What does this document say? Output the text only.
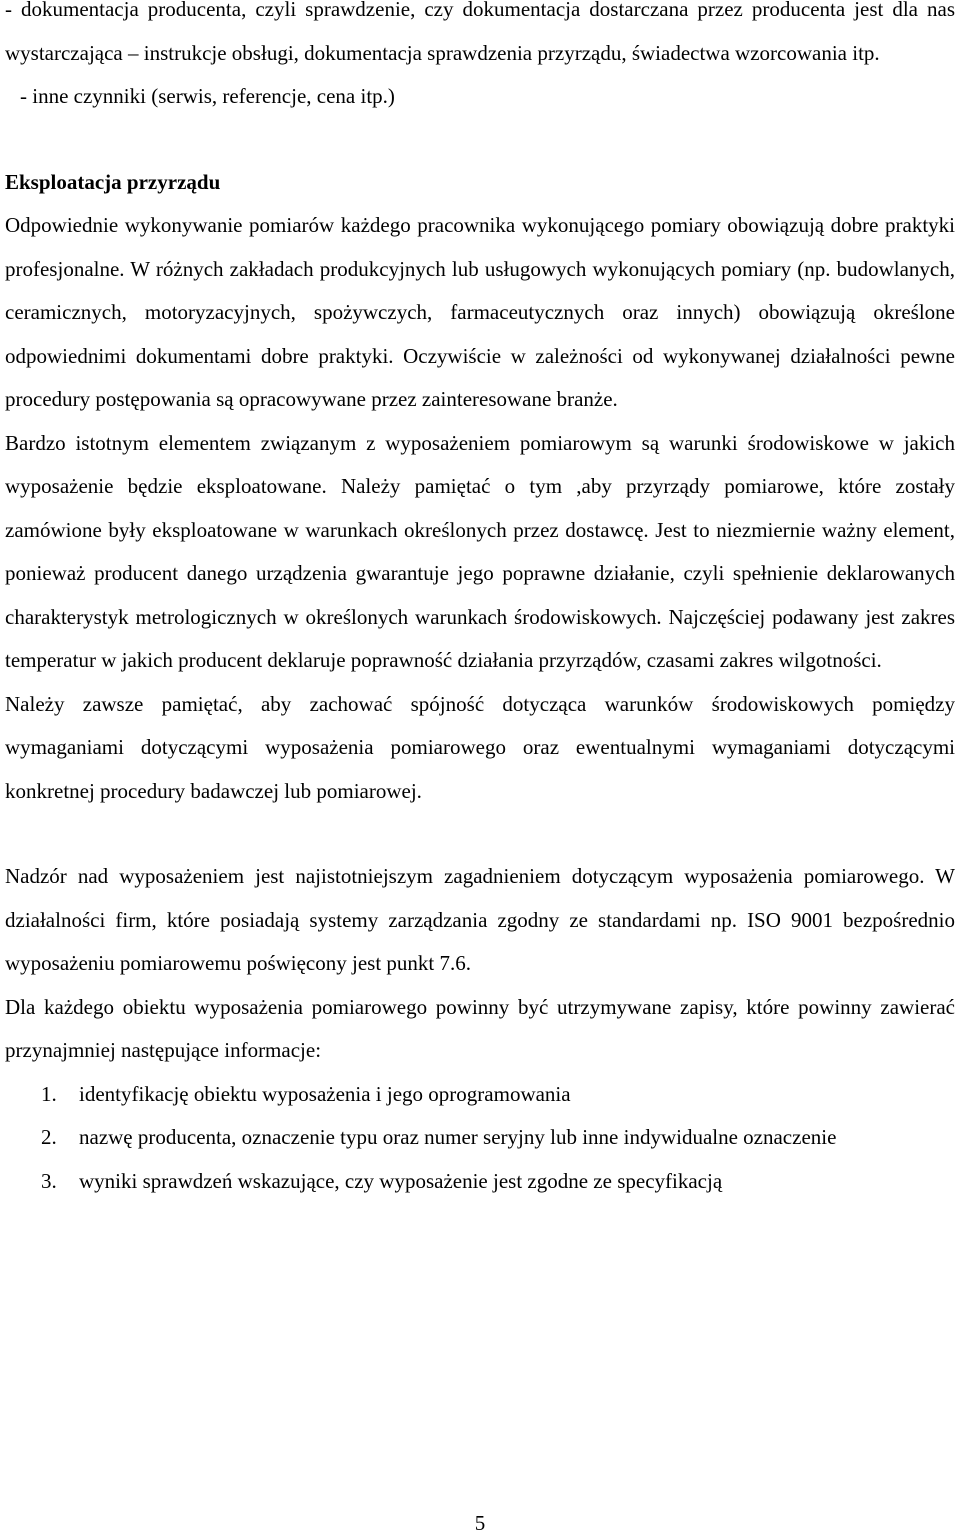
- dokumentacja producenta, czyli sprawdzenie, czy dokumentacja dostarczana przez producenta jest dla nas wystarczająca – instrukcje obsługi, dokumentacja sprawdzenia przyrządu, świadectwa wzorcowania itp.

- inne czynniki (serwis, referencje, cena itp.)

Eksploatacja przyrządu

Odpowiednie wykonywanie pomiarów każdego pracownika wykonującego pomiary obowiązują dobre praktyki profesjonalne. W różnych zakładach produkcyjnych lub usługowych wykonujących pomiary (np. budowlanych, ceramicznych, motoryzacyjnych, spożywczych, farmaceutycznych oraz innych) obowiązują określone odpowiednimi dokumentami dobre praktyki. Oczywiście w zależności od wykonywanej działalności pewne procedury postępowania są opracowywane przez zainteresowane branże.

Bardzo istotnym elementem związanym z wyposażeniem pomiarowym są warunki środowiskowe w jakich wyposażenie będzie eksploatowane. Należy pamiętać o tym ,aby przyrządy pomiarowe, które zostały zamówione były eksploatowane w warunkach określonych przez dostawcę. Jest to niezmiernie ważny element, ponieważ producent danego urządzenia gwarantuje jego poprawne działanie, czyli spełnienie deklarowanych charakterystyk metrologicznych w określonych warunkach środowiskowych. Najczęściej podawany jest zakres temperatur w jakich producent deklaruje poprawność działania przyrządów, czasami zakres wilgotności.

Należy zawsze pamiętać, aby zachować spójność dotycząca warunków środowiskowych pomiędzy wymaganiami dotyczącymi wyposażenia pomiarowego oraz ewentualnymi wymaganiami dotyczącymi konkretnej procedury badawczej lub pomiarowej.

Nadzór nad wyposażeniem jest najistotniejszym zagadnieniem dotyczącym wyposażenia pomiarowego. W działalności firm, które posiadają systemy zarządzania zgodny ze standardami np. ISO 9001 bezpośrednio wyposażeniu pomiarowemu poświęcony jest punkt 7.6.

Dla każdego obiektu wyposażenia pomiarowego powinny być utrzymywane zapisy, które powinny zawierać przynajmniej następujące informacje:

1.	identyfikację obiektu wyposażenia i jego oprogramowania
2.	nazwę producenta, oznaczenie typu oraz numer seryjny lub inne indywidualne oznaczenie
3.	wyniki sprawdzeń wskazujące, czy wyposażenie jest zgodne ze specyfikacją
5
